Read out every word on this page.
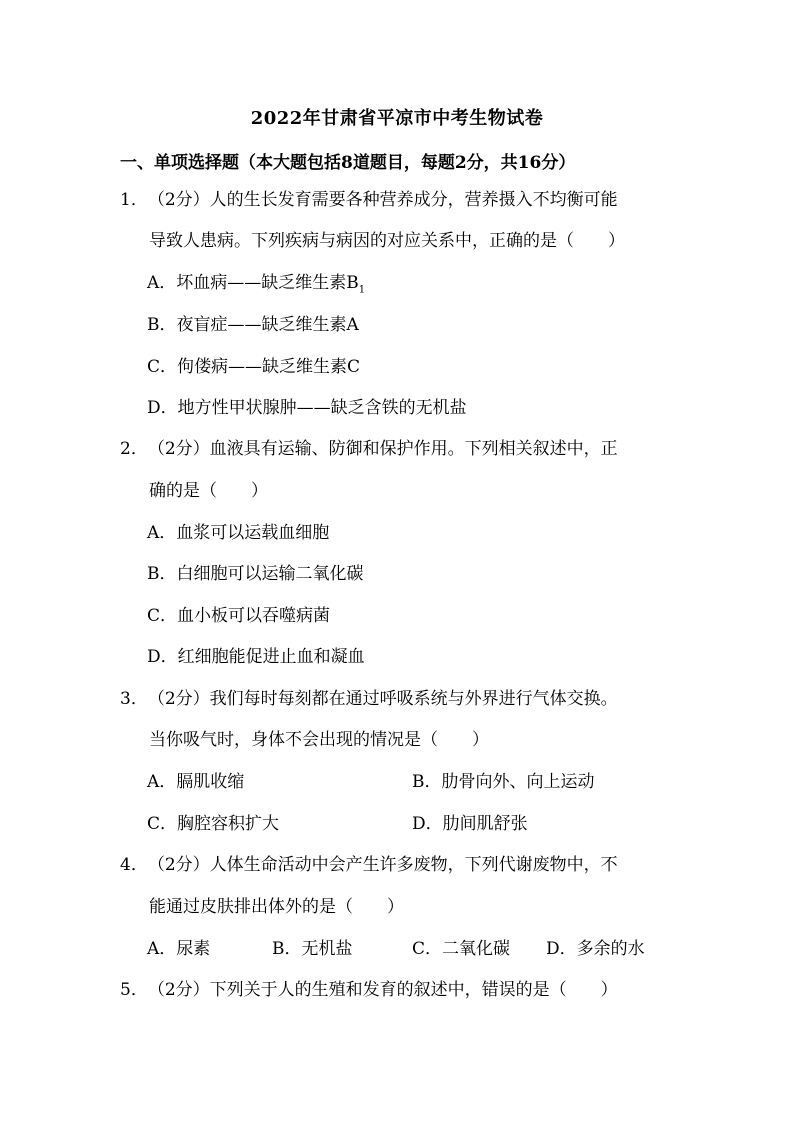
2022年甘肃省平凉市中考生物试卷
一、单项选择题（本大题包括8道题目，每题2分，共16分）
1．（2分）人的生长发育需要各种营养成分，营养摄入不均衡可能
导致人患病。下列疾病与病因的对应关系中，正确的是（　　）
A．坏血病——缺乏维生素$B_1$
B．夜盲症——缺乏维生素A
C．佝偻病——缺乏维生素C
D．地方性甲状腺肿——缺乏含铁的无机盐
2．（2分）血液具有运输、防御和保护作用。下列相关叙述中，正
确的是（　　）
A．血浆可以运载血细胞
B．白细胞可以运输二氧化碳
C．血小板可以吞噬病菌
D．红细胞能促进止血和凝血
3．（2分）我们每时每刻都在通过呼吸系统与外界进行气体交换。
当你吸气时，身体不会出现的情况是（　　）
A．膈肌收缩	B．肋骨向外、向上运动
C．胸腔容积扩大	D．肋间肌舒张
4．（2分）人体生命活动中会产生许多废物，下列代谢废物中，不
能通过皮肤排出体外的是（　　）
A．尿素	B．无机盐	C．二氧化碳 D．多余的水
5．（2分）下列关于人的生殖和发育的叙述中，错误的是（　　）
